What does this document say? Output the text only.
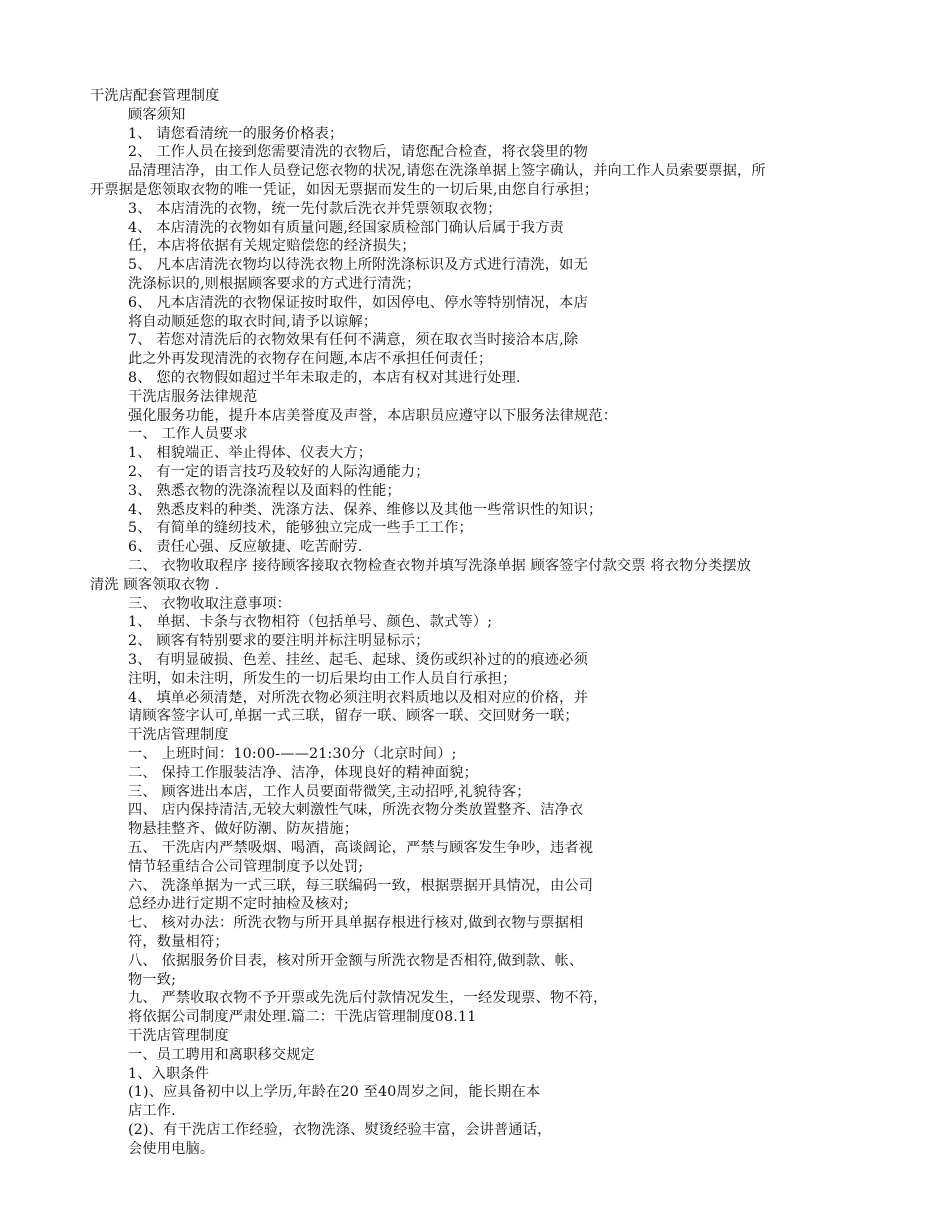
干洗店配套管理制度
顾客须知
1、 请您看清统一的服务价格表；
2、 工作人员在接到您需要清洗的衣物后，请您配合检查，将衣袋里的物
品清理洁净，由工作人员登记您衣物的状况,请您在洗涤单据上签字确认，并向工作人员索要票据，所
开票据是您领取衣物的唯一凭证，如因无票据而发生的一切后果,由您自行承担；
3、 本店清洗的衣物，统一先付款后洗衣并凭票领取衣物；
4、 本店清洗的衣物如有质量问题,经国家质检部门确认后属于我方责
任，本店将依据有关规定赔偿您的经济损失；
5、 凡本店清洗衣物均以待洗衣物上所附洗涤标识及方式进行清洗，如无
洗涤标识的,则根据顾客要求的方式进行清洗；
6、 凡本店清洗的衣物保证按时取件，如因停电、停水等特别情况，本店
将自动顺延您的取衣时间,请予以谅解；
7、 若您对清洗后的衣物效果有任何不满意，须在取衣当时接洽本店,除
此之外再发现清洗的衣物存在问题,本店不承担任何责任；
8、 您的衣物假如超过半年未取走的，本店有权对其进行处理.
干洗店服务法律规范
强化服务功能，提升本店美誉度及声誉，本店职员应遵守以下服务法律规范：
一、 工作人员要求
1、 相貌端正、举止得体、仪表大方；
2、 有一定的语言技巧及较好的人际沟通能力；
3、 熟悉衣物的洗涤流程以及面料的性能；
4、 熟悉皮料的种类、洗涤方法、保养、维修以及其他一些常识性的知识；
5、 有简单的缝纫技术，能够独立完成一些手工工作；
6、 责任心强、反应敏捷、吃苦耐劳.
二、 衣物收取程序 接待顾客接取衣物检查衣物并填写洗涤单据 顾客签字付款交票 将衣物分类摆放
清洗 顾客领取衣物 .
三、 衣物收取注意事项：
1、 单据、卡条与衣物相符（包括单号、颜色、款式等）;
2、 顾客有特别要求的要注明并标注明显标示；
3、 有明显破损、色差、挂丝、起毛、起球、烫伤或织补过的的痕迹必须
注明，如未注明，所发生的一切后果均由工作人员自行承担；
4、 填单必须清楚，对所洗衣物必须注明衣料质地以及相对应的价格，并
请顾客签字认可,单据一式三联，留存一联、顾客一联、交回财务一联；
干洗店管理制度
一、 上班时间：10:00-——21:30分（北京时间）;
二、 保持工作服装洁净、洁净，体现良好的精神面貌；
三、 顾客进出本店，工作人员要面带微笑,主动招呼,礼貌待客；
四、 店内保持清洁,无较大刺激性气味，所洗衣物分类放置整齐、洁净衣
物悬挂整齐、做好防潮、防灰措施；
五、 干洗店内严禁吸烟、喝酒，高谈阔论，严禁与顾客发生争吵，违者视
情节轻重结合公司管理制度予以处罚;
六、 洗涤单据为一式三联，每三联编码一致，根据票据开具情况，由公司
总经办进行定期不定时抽检及核对;
七、 核对办法：所洗衣物与所开具单据存根进行核对,做到衣物与票据相
符，数量相符；
八、 依据服务价目表，核对所开金额与所洗衣物是否相符,做到款、帐、
物一致;
九、 严禁收取衣物不予开票或先洗后付款情况发生，一经发现票、物不符，
将依据公司制度严肃处理.篇二：干洗店管理制度08.11
干洗店管理制度
一、员工聘用和离职移交规定
1、入职条件
(1)、应具备初中以上学历,年龄在20 至40周岁之间，能长期在本
店工作.
(2)、有干洗店工作经验，衣物洗涤、熨烫经验丰富，会讲普通话，
会使用电脑。
